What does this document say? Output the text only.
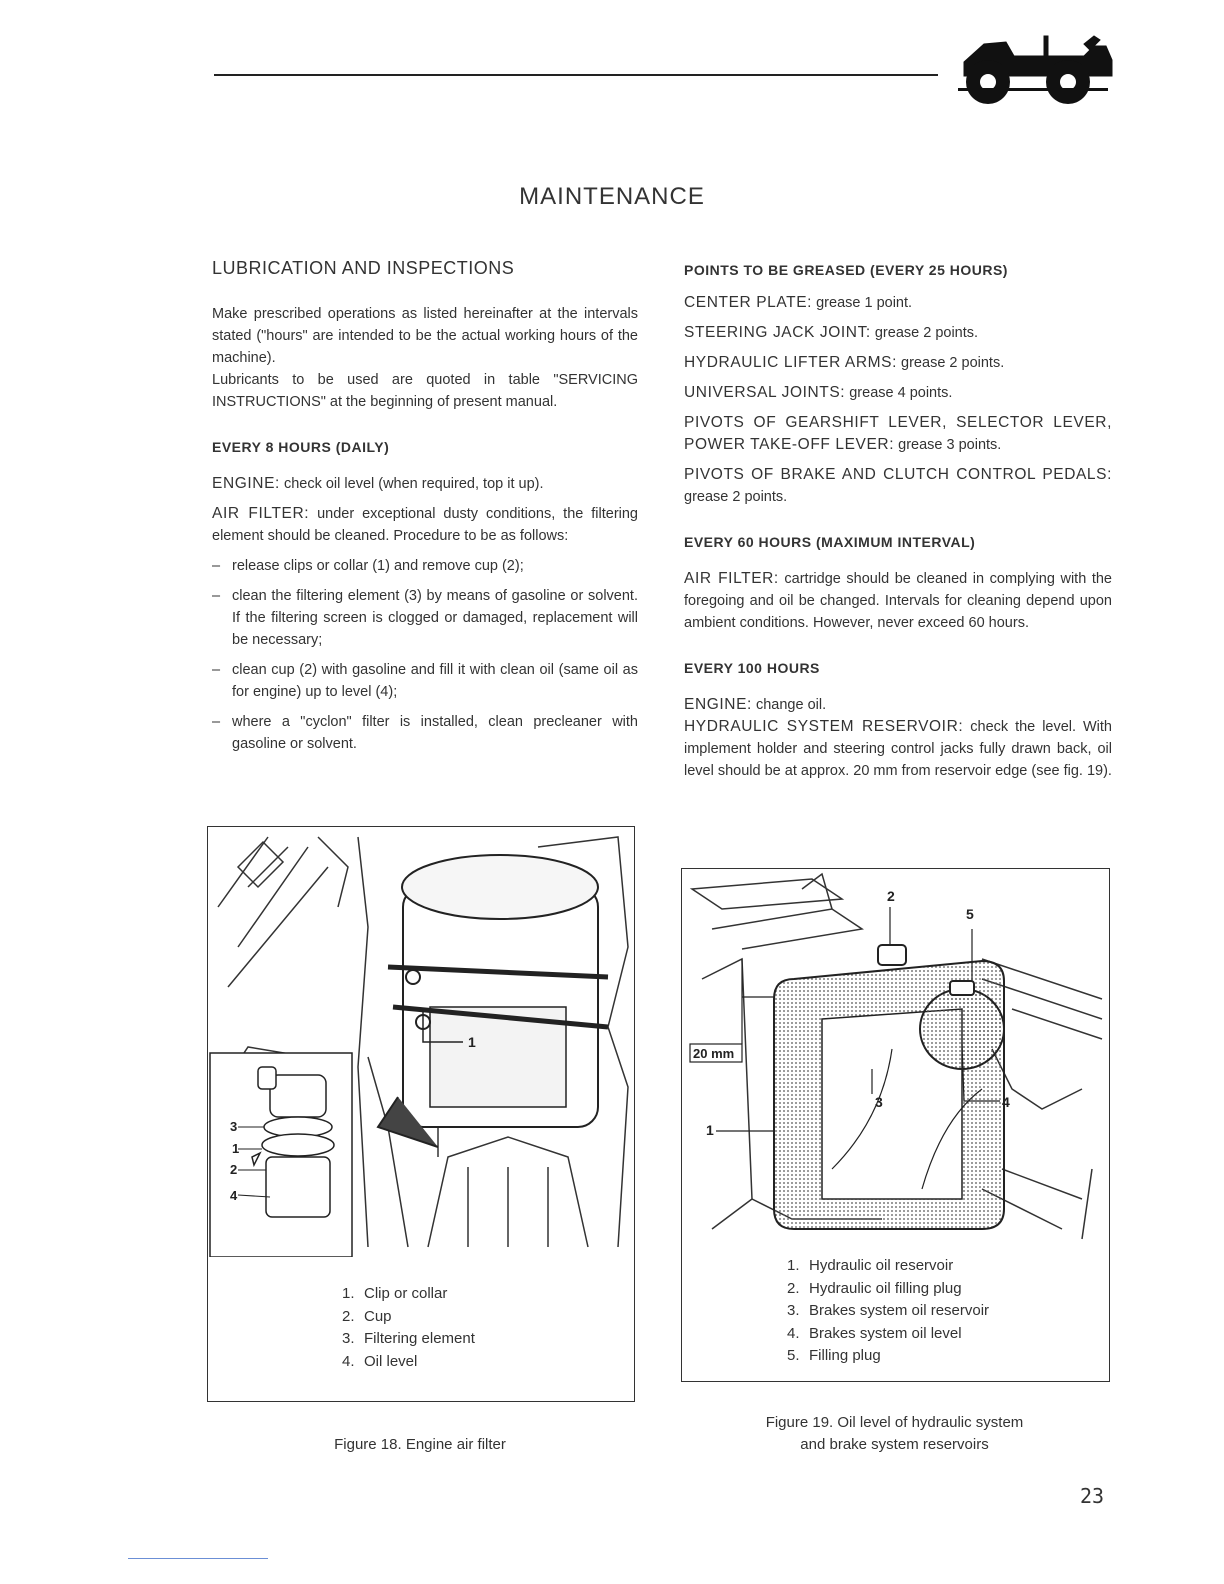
MAINTENANCE
LUBRICATION AND INSPECTIONS

Make prescribed operations as listed hereinafter at the intervals stated ("hours" are intended to be the actual working hours of the machine).

Lubricants to be used are quoted in table "SERVICING INSTRUCTIONS" at the beginning of present manual.

EVERY 8 HOURS (DAILY)

ENGINE: check oil level (when required, top it up).

AIR FILTER: under exceptional dusty conditions, the filtering element should be cleaned. Procedure to be as follows:

– release clips or collar (1) and remove cup (2);
– clean the filtering element (3) by means of gasoline or solvent. If the filtering screen is clogged or damaged, replacement will be necessary;
– clean cup (2) with gasoline and fill it with clean oil (same oil as for engine) up to level (4);
– where a "cyclon" filter is installed, clean precleaner with gasoline or solvent.
POINTS TO BE GREASED (EVERY 25 HOURS)

CENTER PLATE: grease 1 point.

STEERING JACK JOINT: grease 2 points.

HYDRAULIC LIFTER ARMS: grease 2 points.

UNIVERSAL JOINTS: grease 4 points.

PIVOTS OF GEARSHIFT LEVER, SELECTOR LEVER, POWER TAKE-OFF LEVER: grease 3 points.

PIVOTS OF BRAKE AND CLUTCH CONTROL PEDALS: grease 2 points.

EVERY 60 HOURS (MAXIMUM INTERVAL)

AIR FILTER: cartridge should be cleaned in complying with the foregoing and oil be changed. Intervals for cleaning depend upon ambient conditions. However, never exceed 60 hours.

EVERY 100 HOURS

ENGINE: change oil.

HYDRAULIC SYSTEM RESERVOIR: check the level. With implement holder and steering control jacks fully drawn back, oil level should be at approx. 20 mm from reservoir edge (see fig. 19).

1
3
1
2
4
1. Clip or collar
2. Cup
3. Filtering element
4. Oil level
Figure 18. Engine air filter
2
5
20 mm
3	4
1
1. Hydraulic oil reservoir
2. Hydraulic oil filling plug
3. Brakes system oil reservoir
4. Brakes system oil level
5. Filling plug
Figure 19. Oil level of hydraulic system
and brake system reservoirs
23
